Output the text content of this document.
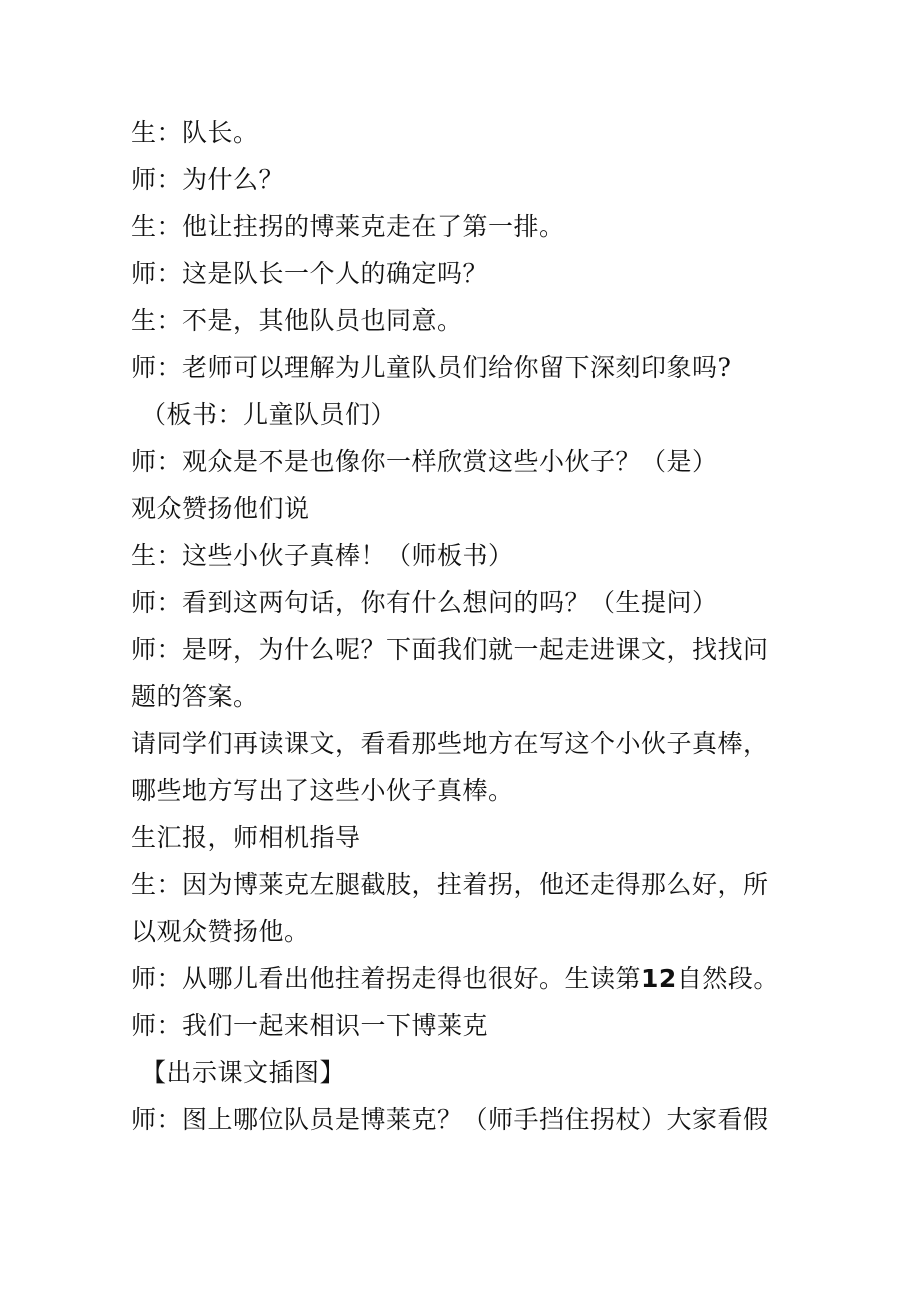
生：队长。
师：为什么？
生：他让拄拐的博莱克走在了第一排。
师：这是队长一个人的确定吗？
生：不是，其他队员也同意。
师：老师可以理解为儿童队员们给你留下深刻印象吗?
（板书：儿童队员们）
师：观众是不是也像你一样欣赏这些小伙子？（是）
观众赞扬他们说
生：这些小伙子真棒！（师板书）
师：看到这两句话，你有什么想问的吗？（生提问）
师：是呀，为什么呢？下面我们就一起走进课文，找找问
题的答案。
请同学们再读课文，看看那些地方在写这个小伙子真棒，
哪些地方写出了这些小伙子真棒。
生汇报，师相机指导
生：因为博莱克左腿截肢，拄着拐，他还走得那么好，所
以观众赞扬他。
师：从哪儿看出他拄着拐走得也很好。生读第12自然段。
师：我们一起来相识一下博莱克
【出示课文插图】
师：图上哪位队员是博莱克？（师手挡住拐杖）大家看假
